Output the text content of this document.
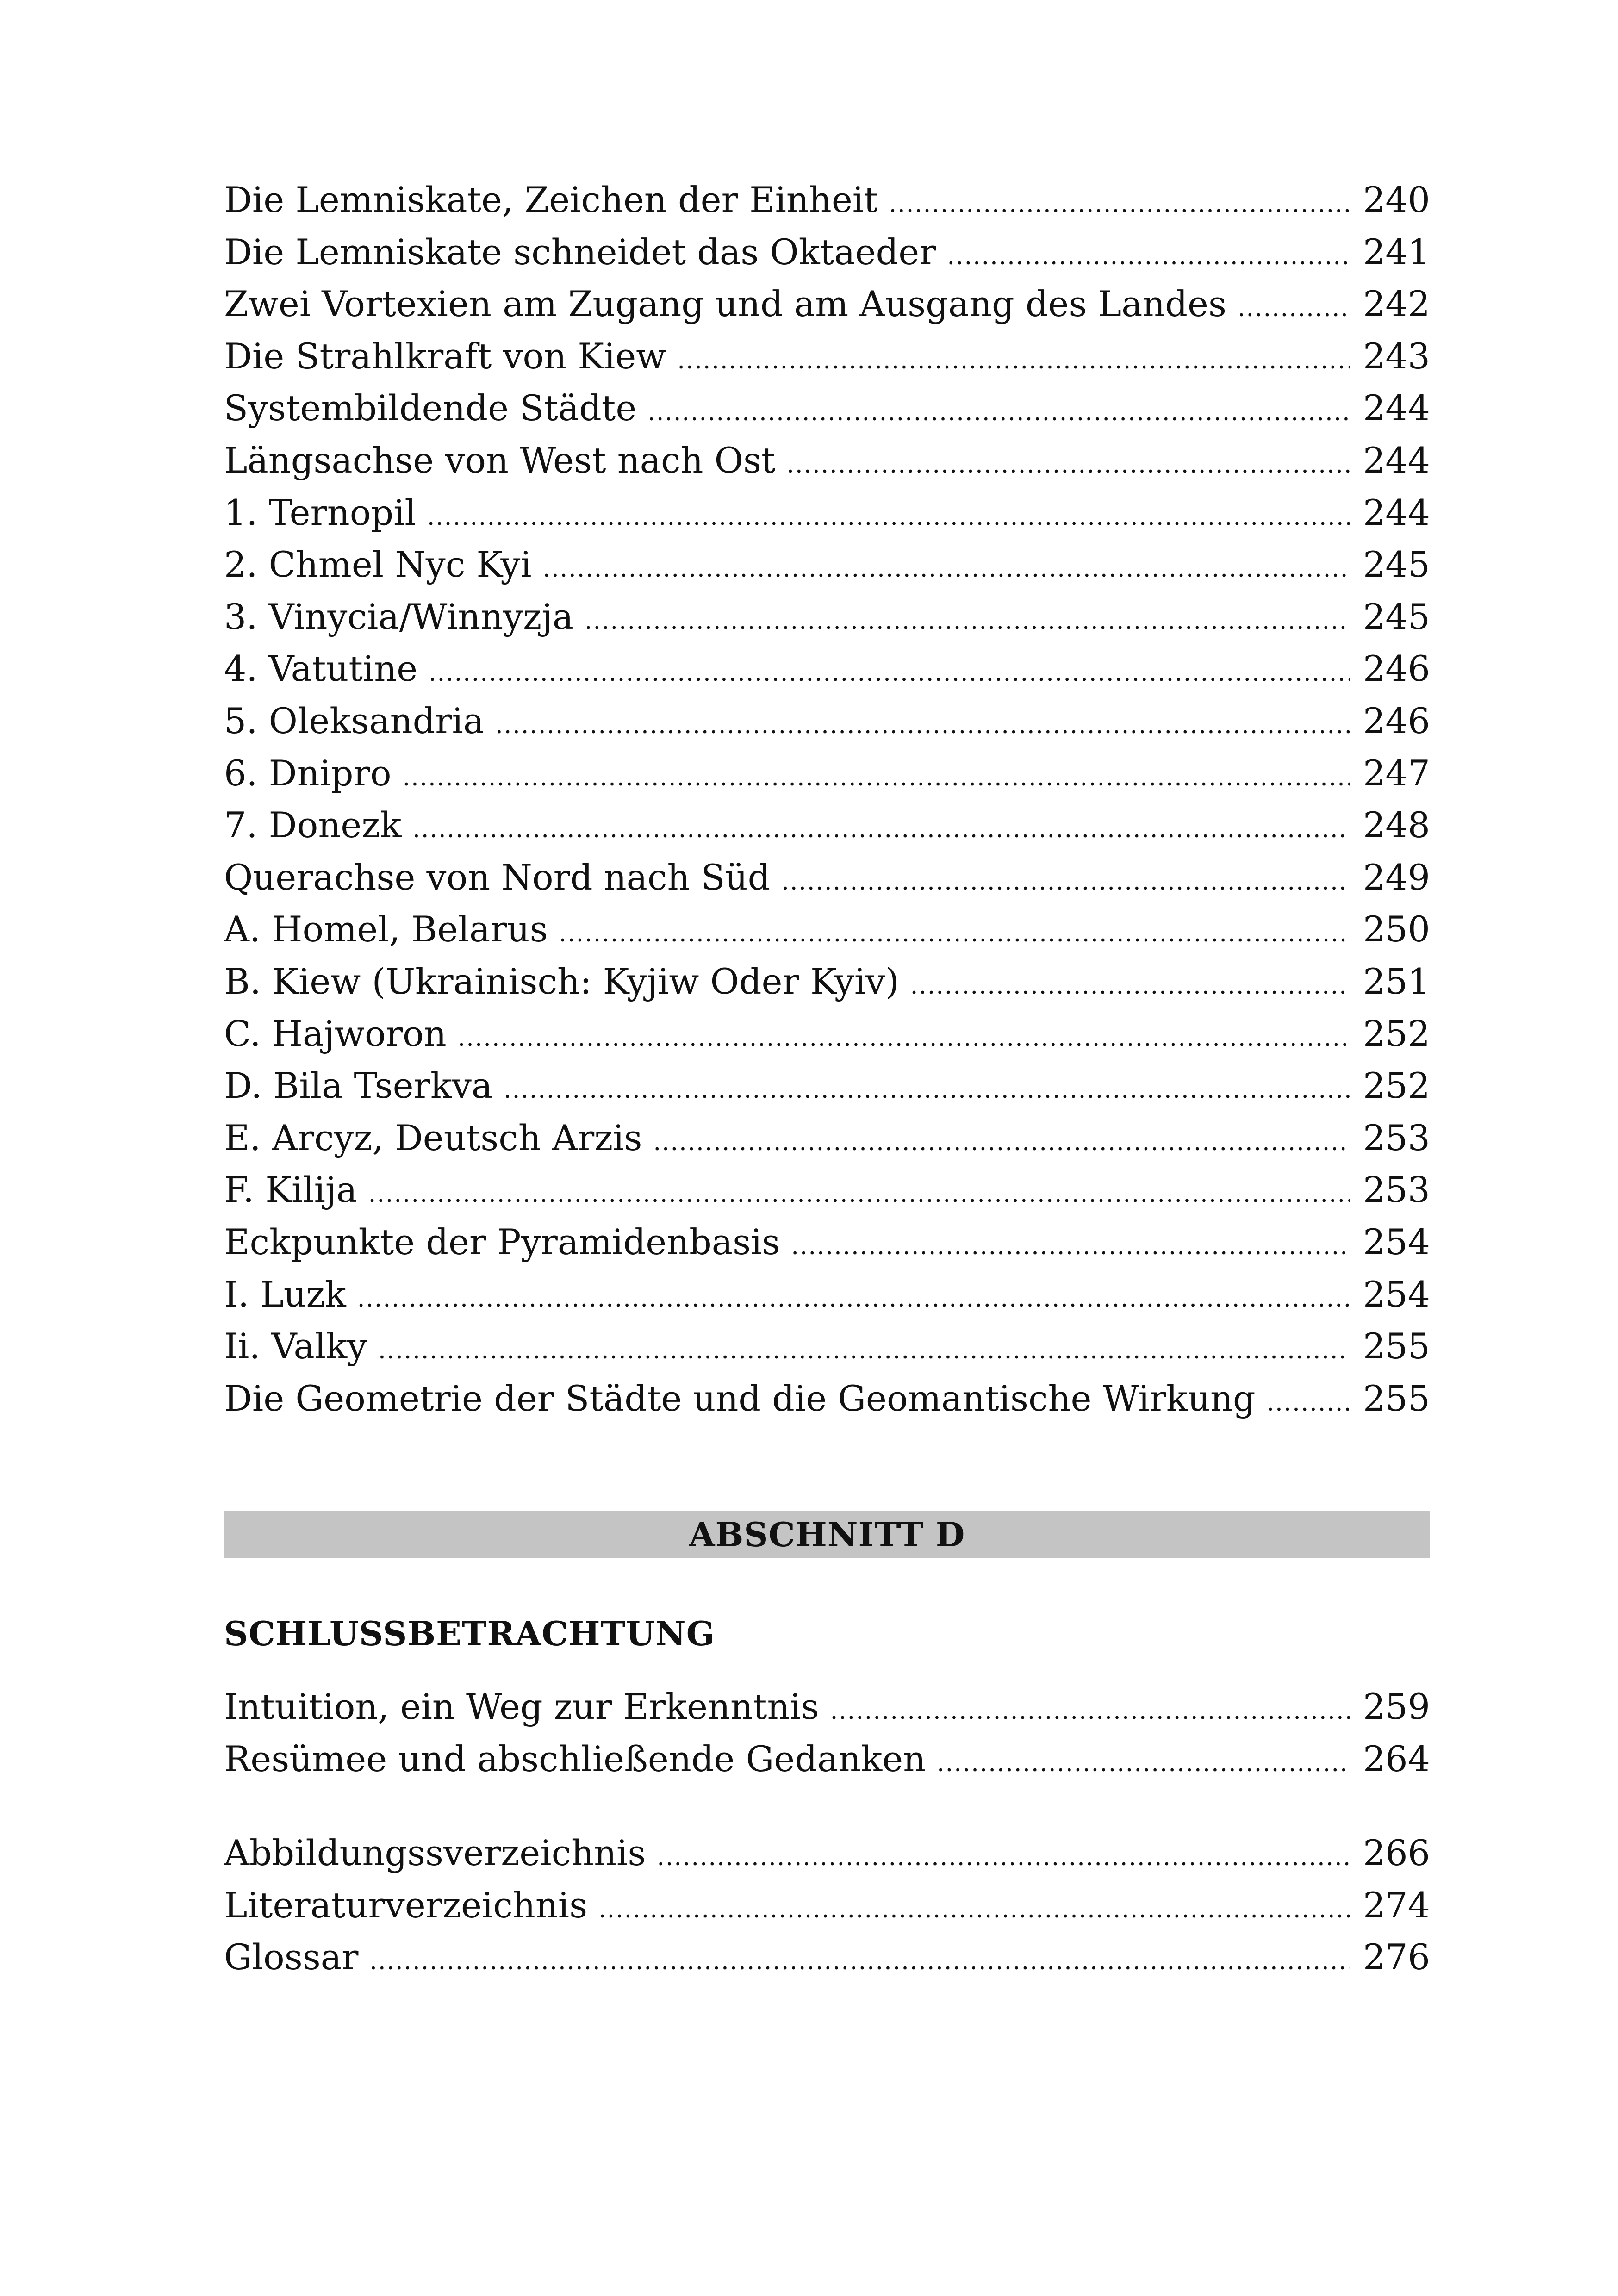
Die Lemniskate, Zeichen der Einheit .....	240
Die Lemniskate schneidet das Oktaeder .....	241
Zwei Vortexien am Zugang und am Ausgang des Landes .....	242
Die Strahlkraft von Kiew .....	243
Systembildende Städte .....	244
Längsachse von West nach Ost .....	244
1. Ternopil .....	244
2. Chmel Nyc Kyi .....	245
3. Vinycia/Winnyzja .....	245
4. Vatutine .....	246
5. Oleksandria .....	246
6. Dnipro .....	247
7. Donezk .....	248
Querachse von Nord nach Süd .....	249
A. Homel, Belarus .....	250
B. Kiew (Ukrainisch: Kyjiw Oder Kyiv) .....	251
C. Hajworon .....	252
D. Bila Tserkva .....	252
E. Arcyz, Deutsch Arzis .....	253
F. Kilija .....	253
Eckpunkte der Pyramidenbasis .....	254
I. Luzk .....	254
Ii. Valky .....	255
Die Geometrie der Städte und die Geomantische Wirkung .....	255
ABSCHNITT D
SCHLUSSBETRACHTUNG
Intuition, ein Weg zur Erkenntnis .....	259
Resümee und abschließende Gedanken .....	264
Abbildungssverzeichnis .....	266
Literaturverzeichnis .....	274
Glossar .....	276
